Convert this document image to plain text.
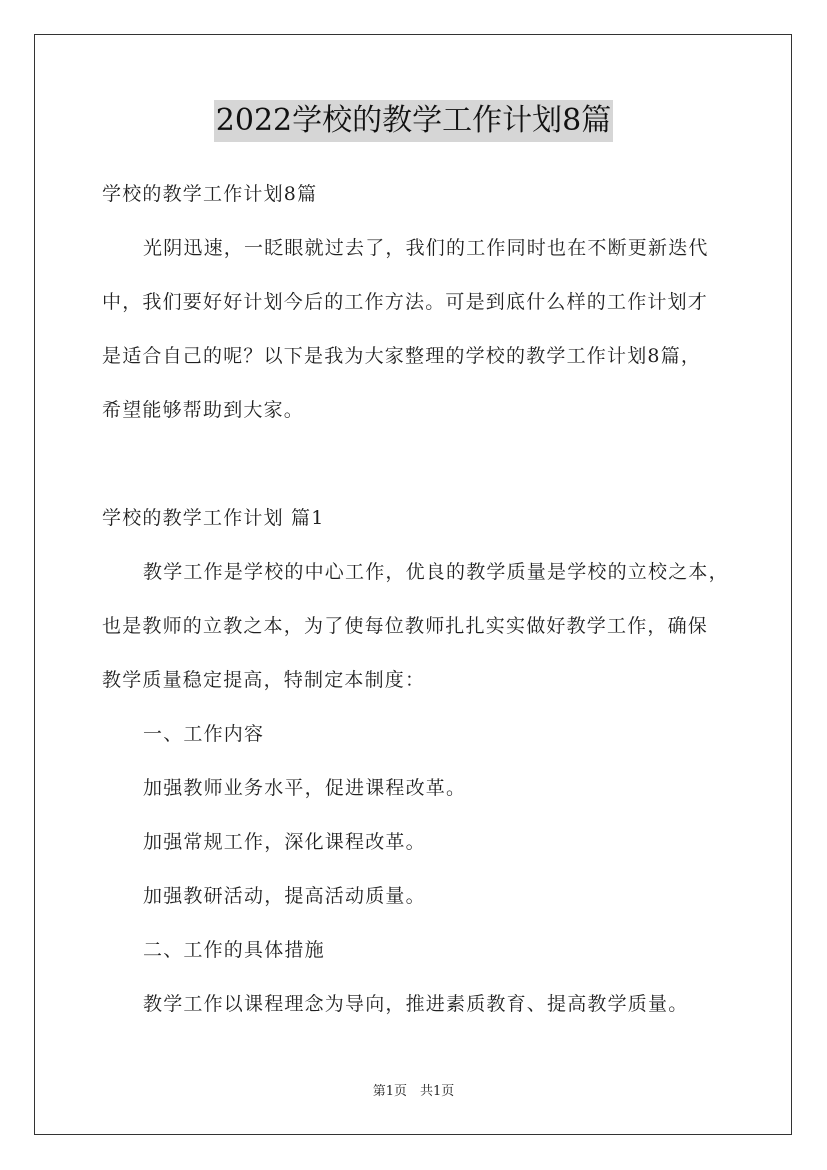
2022学校的教学工作计划8篇
学校的教学工作计划8篇
光阴迅速，一眨眼就过去了，我们的工作同时也在不断更新迭代
中，我们要好好计划今后的工作方法。可是到底什么样的工作计划才
是适合自己的呢？以下是我为大家整理的学校的教学工作计划8篇，
希望能够帮助到大家。
学校的教学工作计划 篇1
教学工作是学校的中心工作，优良的教学质量是学校的立校之本，
也是教师的立教之本，为了使每位教师扎扎实实做好教学工作，确保
教学质量稳定提高，特制定本制度：
一、工作内容
加强教师业务水平，促进课程改革。
加强常规工作，深化课程改革。
加强教研活动，提高活动质量。
二、工作的具体措施
教学工作以课程理念为导向，推进素质教育、提高教学质量。
第1页　共1页
